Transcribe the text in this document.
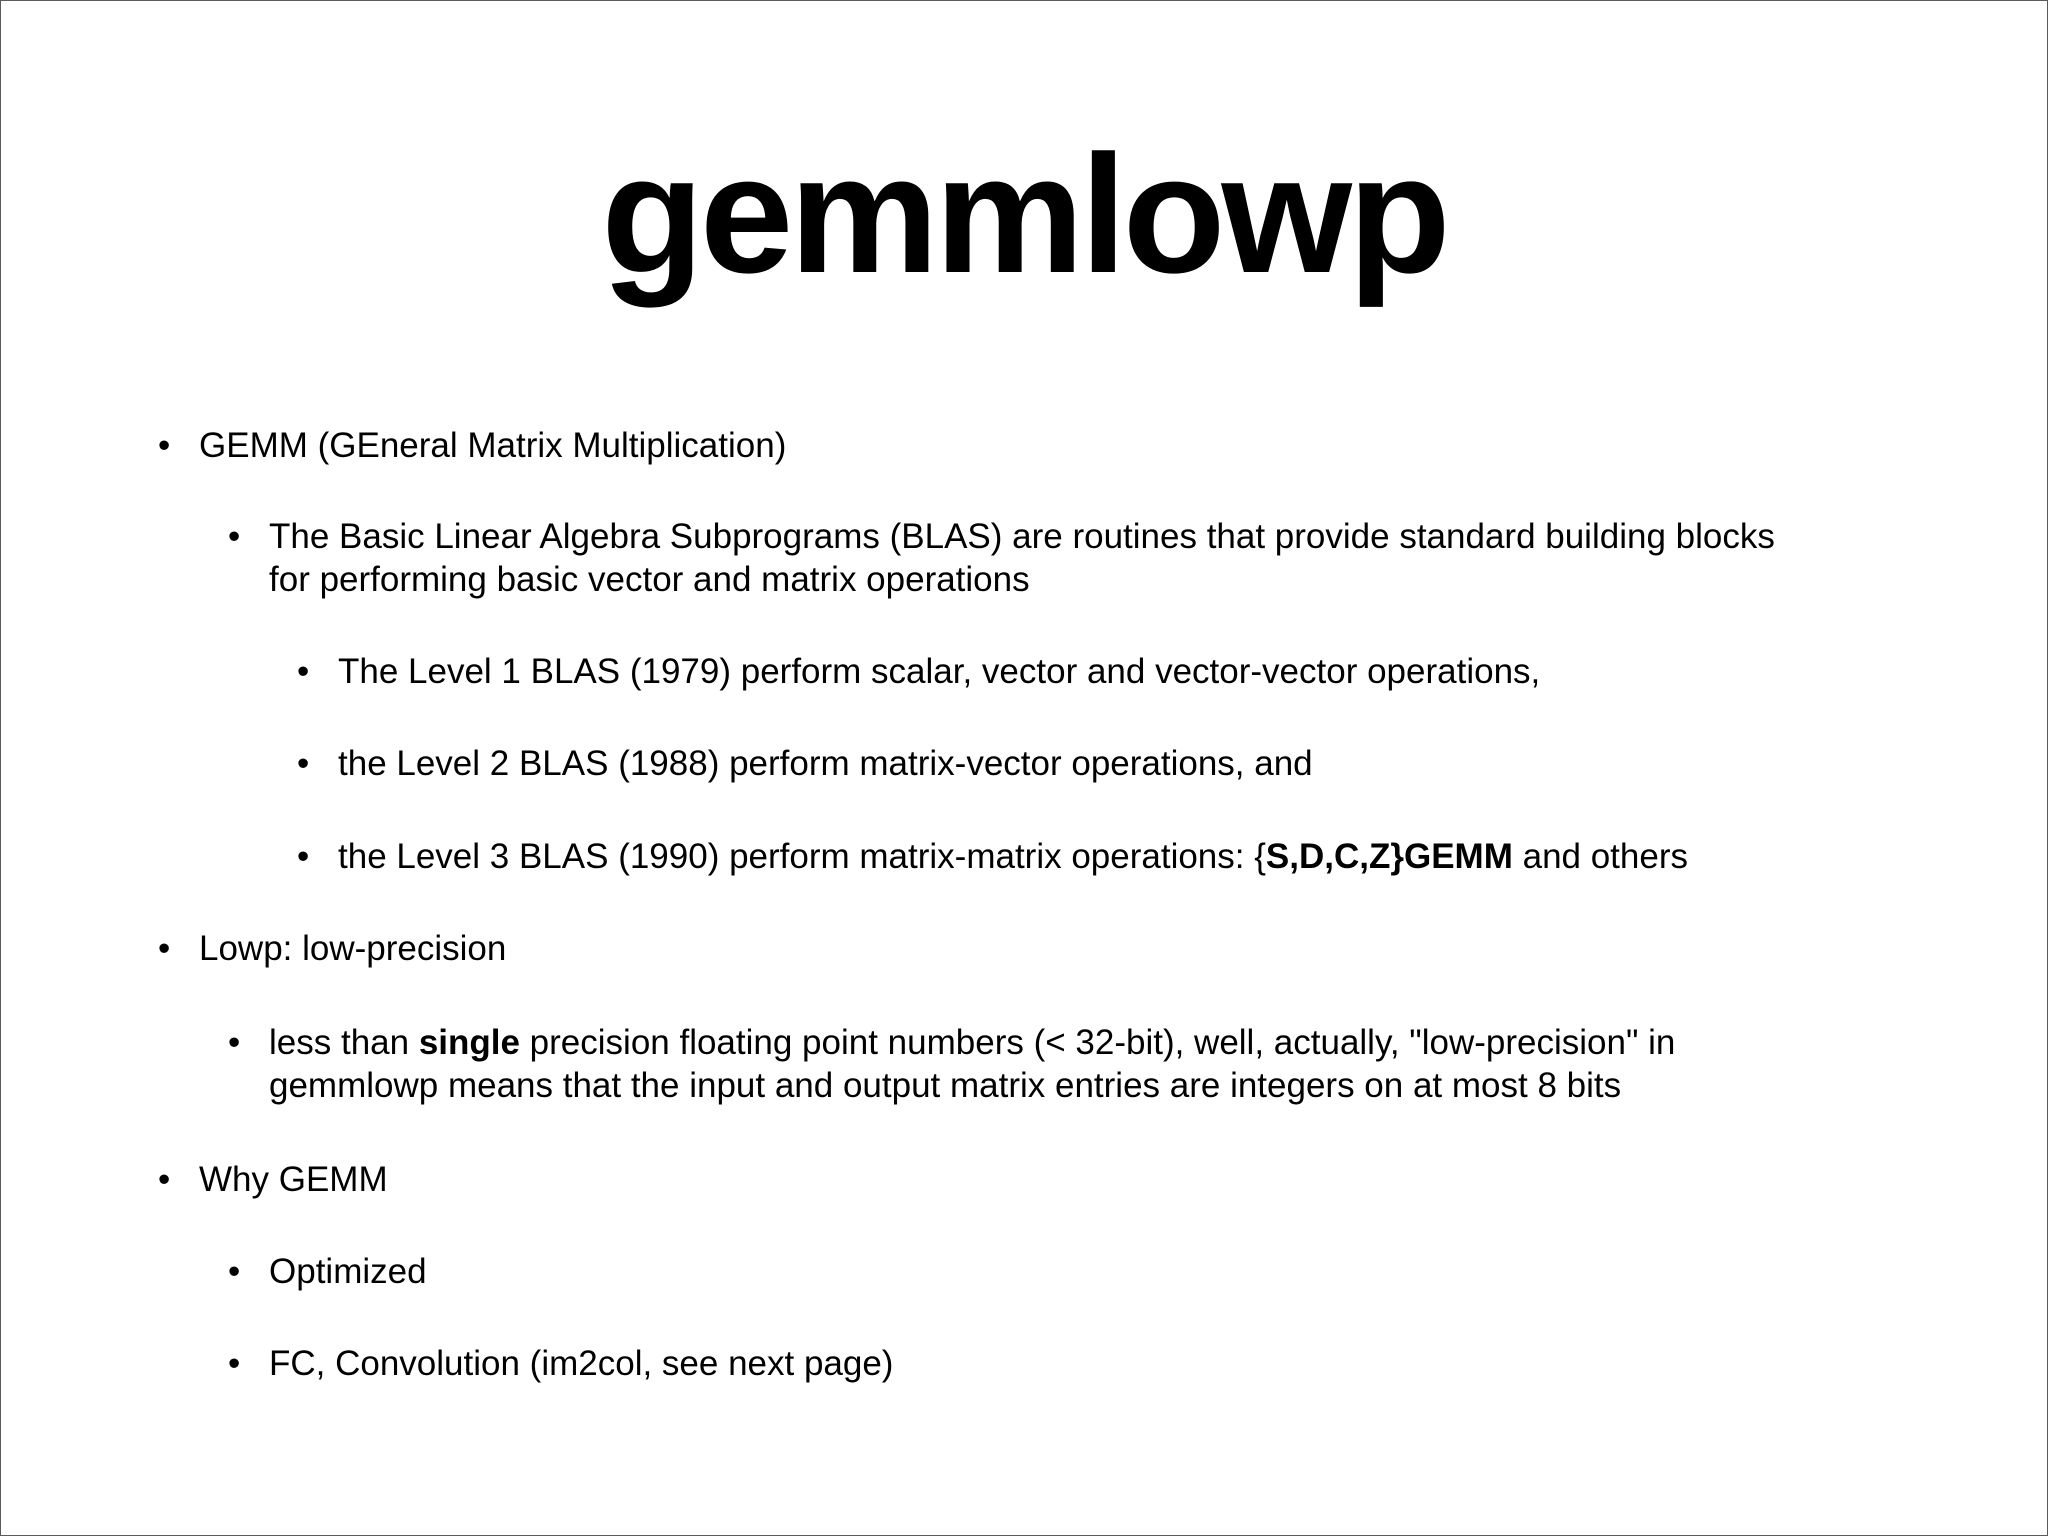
gemmlowp
• GEMM (GEneral Matrix Multiplication)
• The Basic Linear Algebra Subprograms (BLAS) are routines that provide standard building blocks
for performing basic vector and matrix operations
• The Level 1 BLAS (1979) perform scalar, vector and vector-vector operations,
• the Level 2 BLAS (1988) perform matrix-vector operations, and
• the Level 3 BLAS (1990) perform matrix-matrix operations: {S,D,C,Z}GEMM and others
• Lowp: low-precision
• less than single precision floating point numbers (< 32-bit), well, actually, "low-precision" in
gemmlowp means that the input and output matrix entries are integers on at most 8 bits
• Why GEMM
• Optimized
• FC, Convolution (im2col, see next page)
